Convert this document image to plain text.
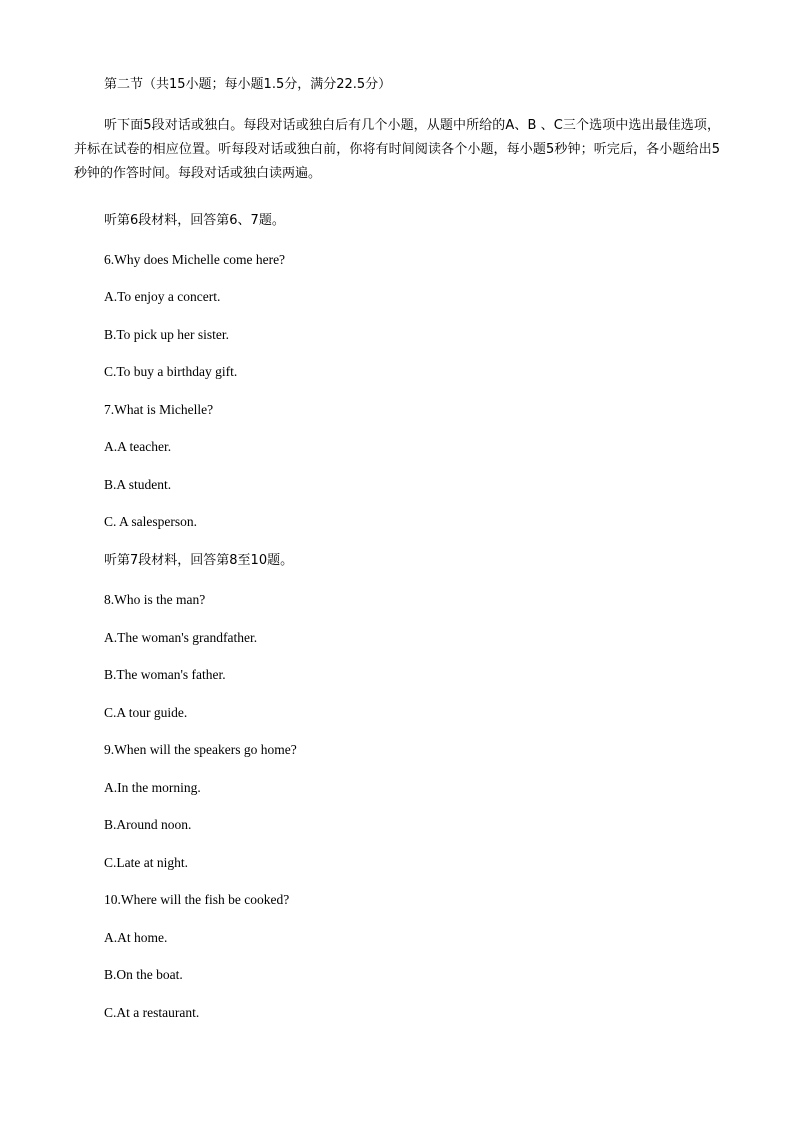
第二节（共15小题；每小题1.5分，满分22.5分）
听下面5段对话或独白。每段对话或独白后有几个小题，从题中所给的A、B 、C三个选项中选出最佳选项，并标在试卷的相应位置。听每段对话或独白前，你将有时间阅读各个小题，每小题5秒钟；听完后，各小题给出5秒钟的作答时间。每段对话或独白读两遍。
听第6段材料，回答第6、7题。
6.Why does Michelle come here?
A.To enjoy a concert.
B.To pick up her sister.
C.To buy a birthday gift.
7.What is Michelle?
A.A teacher.
B.A student.
C. A salesperson.
听第7段材料，回答第8至10题。
8.Who is the man?
A.The woman's grandfather.
B.The woman's father.
C.A tour guide.
9.When will the speakers go home?
A.In the morning.
B.Around noon.
C.Late at night.
10.Where will the fish be cooked?
A.At home.
B.On the boat.
C.At a restaurant.
